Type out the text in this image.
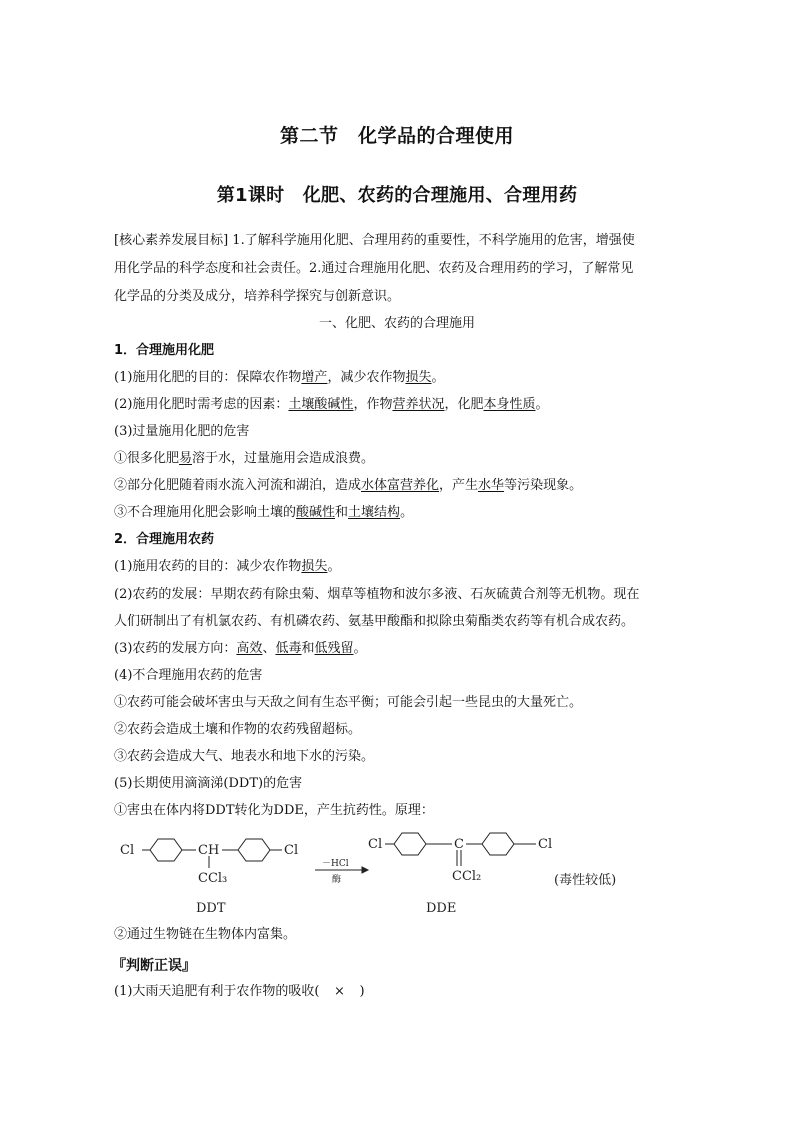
第二节　化学品的合理使用
第1课时　化肥、农药的合理施用、合理用药
[核心素养发展目标] 1.了解科学施用化肥、合理用药的重要性，不科学施用的危害，增强使
用化学品的科学态度和社会责任。2.通过合理施用化肥、农药及合理用药的学习，了解常见
化学品的分类及成分，培养科学探究与创新意识。
一、化肥、农药的合理施用
1．合理施用化肥
(1)施用化肥的目的：保障农作物增产，减少农作物损失。
(2)施用化肥时需考虑的因素：土壤酸碱性，作物营养状况，化肥本身性质。
(3)过量施用化肥的危害
①很多化肥易溶于水，过量施用会造成浪费。
②部分化肥随着雨水流入河流和湖泊，造成水体富营养化，产生水华等污染现象。
③不合理施用化肥会影响土壤的酸碱性和土壤结构。
2．合理施用农药
(1)施用农药的目的：减少农作物损失。
(2)农药的发展：早期农药有除虫菊、烟草等植物和波尔多液、石灰硫黄合剂等无机物。现在
人们研制出了有机氯农药、有机磷农药、氨基甲酸酯和拟除虫菊酯类农药等有机合成农药。
(3)农药的发展方向：高效、低毒和低残留。
(4)不合理施用农药的危害
①农药可能会破坏害虫与天敌之间有生态平衡；可能会引起一些昆虫的大量死亡。
②农药会造成土壤和作物的农药残留超标。
③农药会造成大气、地表水和地下水的污染。
(5)长期使用滴滴涕(DDT)的危害
①害虫在体内将DDT转化为DDE，产生抗药性。原理：
Cl	CH	Cl
CCl₃
－HCl
酶
Cl	C	Cl
CCl₂	(毒性较低)
DDT	DDE
②通过生物链在生物体内富集。
『判断正误』
(1)大雨天追肥有利于农作物的吸收( × )
